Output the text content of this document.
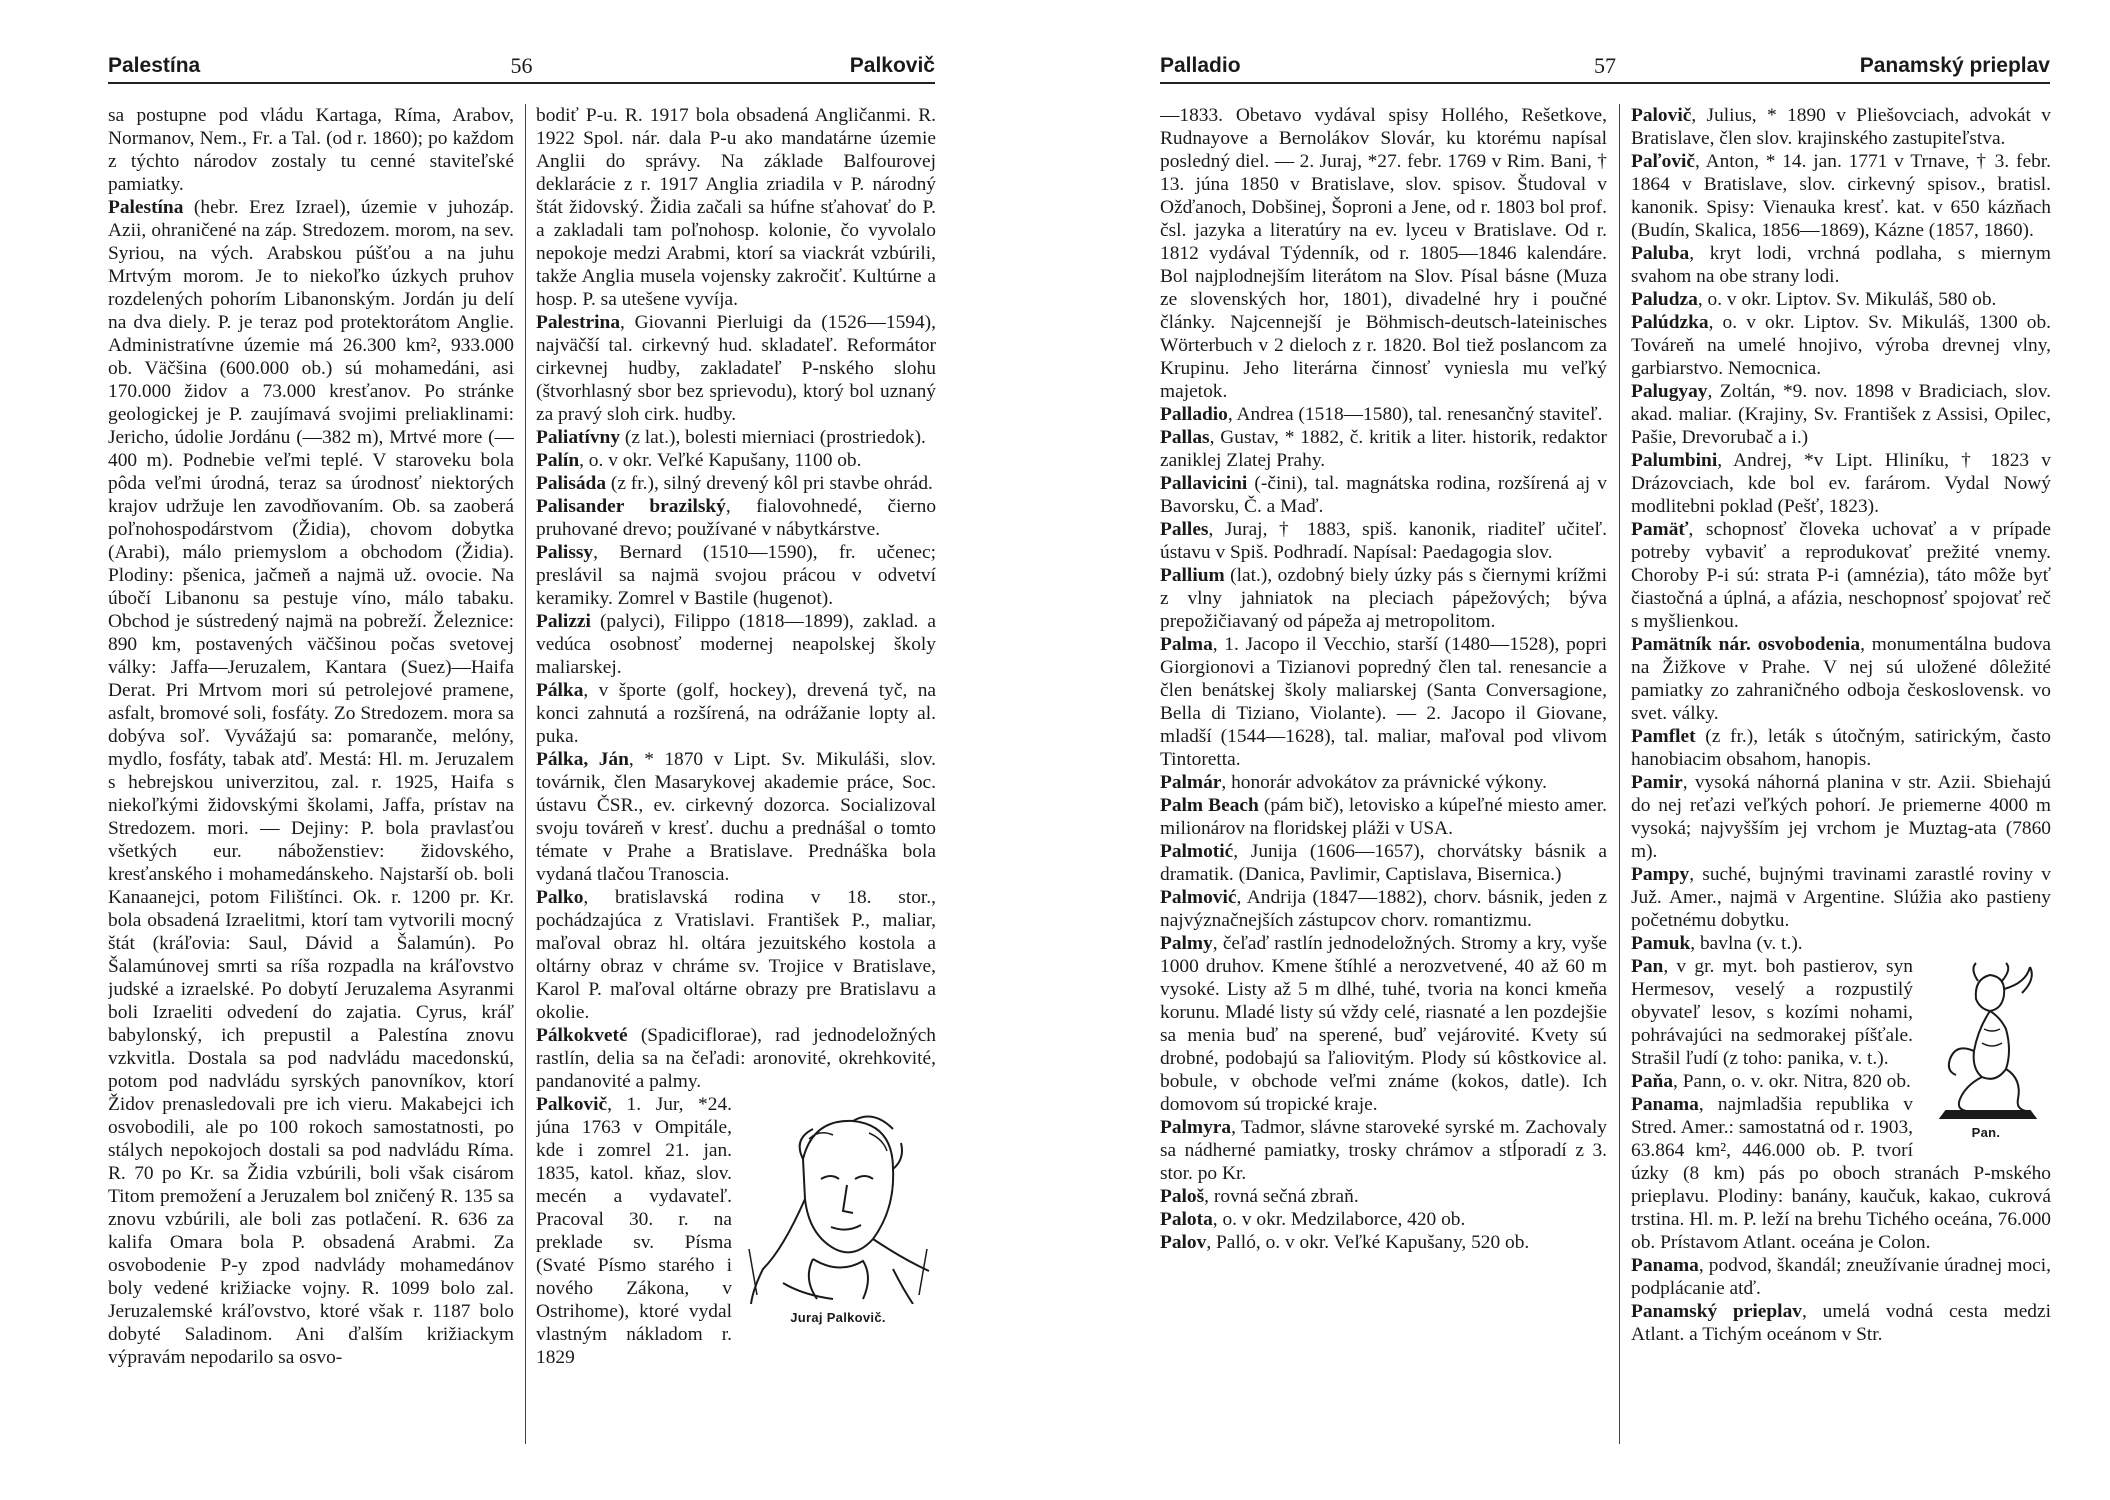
Palestína	56	Palkovič

sa postupne pod vládu Kartaga, Ríma, Arabov, Normanov, Nem., Fr. a Tal. (od r. 1860); po každom z týchto národov zostaly tu cenné staviteľské pamiatky.

Palestína (hebr. Erez Izrael), územie v juhozáp. Azii, ohraničené na záp. Stredozem. morom, na sev. Syriou, na vých. Arabskou púšťou a na juhu Mrtvým morom. Je to niekoľko úzkych pruhov rozdelených pohorím Libanonským. Jordán ju delí na dva diely. P. je teraz pod protektorátom Anglie. Administratívne územie má 26.300 km², 933.000 ob. Väčšina (600.000 ob.) sú mohamedáni, asi 170.000 židov a 73.000 kresťanov. Po stránke geologickej je P. zaujímavá svojimi preliaklinami: Jericho, údolie Jordánu (—382 m), Mrtvé more (—400 m). Podnebie veľmi teplé. V staroveku bola pôda veľmi úrodná, teraz sa úrodnosť niektorých krajov udržuje len zavodňovaním. Ob. sa zaoberá poľnohospodárstvom (Židia), chovom dobytka (Arabi), málo priemyslom a obchodom (Židia). Plodiny: pšenica, jačmeň a najmä už. ovocie. Na úbočí Libanonu sa pestuje víno, málo tabaku. Obchod je sústredený najmä na pobreží. Železnice: 890 km, postavených väčšinou počas svetovej války: Jaffa—Jeruzalem, Kantara (Suez)—Haifa Derat. Pri Mrtvom mori sú petrolejové pramene, asfalt, bromové soli, fosfáty. Zo Stredozem. mora sa dobýva soľ. Vyvážajú sa: pomaranče, melóny, mydlo, fosfáty, tabak atď. Mestá: Hl. m. Jeruzalem s hebrejskou univerzitou, zal. r. 1925, Haifa s niekoľkými židovskými školami, Jaffa, prístav na Stredozem. mori. — Dejiny: P. bola pravlasťou všetkých eur. náboženstiev: židovského, kresťanského i mohamedánskeho. Najstarší ob. boli Kanaanejci, potom Filištínci. Ok. r. 1200 pr. Kr. bola obsadená Izraelitmi, ktorí tam vytvorili mocný štát (kráľovia: Saul, Dávid a Šalamún). Po Šalamúnovej smrti sa ríša rozpadla na kráľovstvo judské a izraelské. Po dobytí Jeruzalema Asyranmi boli Izraeliti odvedení do zajatia. Cyrus, kráľ babylonský, ich prepustil a Palestína znovu vzkvitla. Dostala sa pod nadvládu macedonskú, potom pod nadvládu syrských panovníkov, ktorí Židov prenasledovali pre ich vieru. Makabejci ich osvobodili, ale po 100 rokoch samostatnosti, po stálych nepokojoch dostali sa pod nadvládu Ríma. R. 70 po Kr. sa Židia vzbúrili, boli však cisárom Titom premožení a Jeruzalem bol zničený R. 135 sa znovu vzbúrili, ale boli zas potlačení. R. 636 za kalifa Omara bola P. obsadená Arabmi. Za osvobodenie P-y zpod nadvlády mohamedánov boly vedené križiacke vojny. R. 1099 bolo zal. Jeruzalemské kráľovstvo, ktoré však r. 1187 bolo dobyté Saladinom. Ani ďalším križiackym výpravám nepodarilo sa osvo-

bodiť P-u. R. 1917 bola obsadená Angličanmi. R. 1922 Spol. nár. dala P-u ako mandatárne územie Anglii do správy. Na základe Balfourovej deklarácie z r. 1917 Anglia zriadila v P. národný štát židovský. Židia začali sa húfne sťahovať do P. a zakladali tam poľnohosp. kolonie, čo vyvolalo nepokoje medzi Arabmi, ktorí sa viackrát vzbúrili, takže Anglia musela vojensky zakročiť. Kultúrne a hosp. P. sa utešene vyvíja.

Palestrina, Giovanni Pierluigi da (1526—1594), najväčší tal. cirkevný hud. skladateľ. Reformátor cirkevnej hudby, zakladateľ P-nského slohu (štvorhlasný sbor bez sprievodu), ktorý bol uznaný za pravý sloh cirk. hudby.

Paliatívny (z lat.), bolesti mierniaci (prostriedok).

Palín, o. v okr. Veľké Kapušany, 1100 ob.

Palisáda (z fr.), silný drevený kôl pri stavbe ohrád.

Palisander brazilský, fialovohnedé, čierno pruhované drevo; používané v nábytkárstve.

Palissy, Bernard (1510—1590), fr. učenec; preslávil sa najmä svojou prácou v odvetví keramiky. Zomrel v Bastile (hugenot).

Palizzi (palyci), Filippo (1818—1899), zaklad. a vedúca osobnosť modernej neapolskej školy maliarskej.

Pálka, v športe (golf, hockey), drevená tyč, na konci zahnutá a rozšírená, na odrážanie lopty al. puka.

Pálka, Ján, * 1870 v Lipt. Sv. Mikuláši, slov. továrnik, člen Masarykovej akademie práce, Soc. ústavu ČSR., ev. cirkevný dozorca. Socializoval svoju továreň v kresť. duchu a prednášal o tomto témate v Prahe a Bratislave. Prednáška bola vydaná tlačou Tranoscia.

Palko, bratislavská rodina v 18. stor., pochádzajúca z Vratislavi. František P., maliar, maľoval obraz hl. oltára jezuitského kostola a oltárny obraz v chráme sv. Trojice v Bratislave, Karol P. maľoval oltárne obrazy pre Bratislavu a okolie.

Pálkokveté (Spadiciflorae), rad jednodeložných rastlín, delia sa na čeľadi: aronovité, okrehkovité, pandanovité a palmy.

Juraj Palkovič.
Palkovič, 1. Jur, *24. júna 1763 v Ompitále, kde i zomrel 21. jan. 1835, katol. kňaz, slov. mecén a vydavateľ. Pracoval 30. r. na preklade sv. Písma (Svaté Písmo starého i nového Zákona, v Ostrihome), ktoré vydal vlastným nákladom r. 1829

Palladio	57	Panamský prieplav

—1833. Obetavo vydával spisy Hollého, Rešetkove, Rudnayove a Bernolákov Slovár, ku ktorému napísal posledný diel. — 2. Juraj, *27. febr. 1769 v Rim. Bani, † 13. júna 1850 v Bratislave, slov. spisov. Študoval v Ožďanoch, Dobšinej, Šoproni a Jene, od r. 1803 bol prof. čsl. jazyka a literatúry na ev. lyceu v Bratislave. Od r. 1812 vydával Týdenník, od r. 1805—1846 kalendáre. Bol najplodnejším literátom na Slov. Písal básne (Muza ze slovenských hor, 1801), divadelné hry i poučné články. Najcennejší je Böhmisch-deutsch-lateinisches Wörterbuch v 2 dieloch z r. 1820. Bol tiež poslancom za Krupinu. Jeho literárna činnosť vyniesla mu veľký majetok.

Palladio, Andrea (1518—1580), tal. renesančný staviteľ.

Pallas, Gustav, * 1882, č. kritik a liter. historik, redaktor zaniklej Zlatej Prahy.

Pallavicini (-čini), tal. magnátska rodina, rozšírená aj v Bavorsku, Č. a Maď.

Palles, Juraj, † 1883, spiš. kanonik, riaditeľ učiteľ. ústavu v Spiš. Podhradí. Napísal: Paedagogia slov.

Pallium (lat.), ozdobný biely úzky pás s čiernymi krížmi z vlny jahniatok na pleciach pápežových; býva prepožičiavaný od pápeža aj metropolitom.

Palma, 1. Jacopo il Vecchio, starší (1480—1528), popri Giorgionovi a Tizianovi popredný člen tal. renesancie a člen benátskej školy maliarskej (Santa Conversagione, Bella di Tiziano, Violante). — 2. Jacopo il Giovane, mladší (1544—1628), tal. maliar, maľoval pod vlivom Tintoretta.

Palmár, honorár advokátov za právnické výkony.

Palm Beach (pám bič), letovisko a kúpeľné miesto amer. milionárov na floridskej pláži v USA.

Palmotić, Junija (1606—1657), chorvátsky básnik a dramatik. (Danica, Pavlimir, Captislava, Bisernica.)

Palmović, Andrija (1847—1882), chorv. básnik, jeden z najvýznačnejších zástupcov chorv. romantizmu.

Palmy, čeľaď rastlín jednodeložných. Stromy a kry, vyše 1000 druhov. Kmene štíhlé a nerozvetvené, 40 až 60 m vysoké. Listy až 5 m dlhé, tuhé, tvoria na konci kmeňa korunu. Mladé listy sú vždy celé, riasnaté a len pozdejšie sa menia buď na sperené, buď vejárovité. Kvety sú drobné, podobajú sa ľaliovitým. Plody sú kôstkovice al. bobule, v obchode veľmi známe (kokos, datle). Ich domovom sú tropické kraje.

Palmyra, Tadmor, slávne staroveké syrské m. Zachovaly sa nádherné pamiatky, trosky chrámov a stĺporadí z 3. stor. po Kr.

Paloš, rovná sečná zbraň.

Palota, o. v okr. Medzilaborce, 420 ob.

Palov, Palló, o. v okr. Veľké Kapušany, 520 ob.

Palovič, Julius, * 1890 v Pliešovciach, advokát v Bratislave, člen slov. krajinského zastupiteľstva.

Paľovič, Anton, * 14. jan. 1771 v Trnave, † 3. febr. 1864 v Bratislave, slov. cirkevný spisov., bratisl. kanonik. Spisy: Vienauka kresť. kat. v 650 kázňach (Budín, Skalica, 1856—1869), Kázne (1857, 1860).

Paluba, kryt lodi, vrchná podlaha, s miernym svahom na obe strany lodi.

Paludza, o. v okr. Liptov. Sv. Mikuláš, 580 ob.

Palúdzka, o. v okr. Liptov. Sv. Mikuláš, 1300 ob. Továreň na umelé hnojivo, výroba drevnej vlny, garbiarstvo. Nemocnica.

Palugyay, Zoltán, *9. nov. 1898 v Bradiciach, slov. akad. maliar. (Krajiny, Sv. František z Assisi, Opilec, Pašie, Drevorubač a i.)

Palumbini, Andrej, *v Lipt. Hliníku, † 1823 v Drázovciach, kde bol ev. farárom. Vydal Nowý modlitebni poklad (Pešť, 1823).

Pamäť, schopnosť človeka uchovať a v prípade potreby vybaviť a reprodukovať prežité vnemy. Choroby P-i sú: strata P-i (amnézia), táto môže byť čiastočná a úplná, a afázia, neschopnosť spojovať reč s myšlienkou.

Pamätník nár. osvobodenia, monumentálna budova na Žižkove v Prahe. V nej sú uložené dôležité pamiatky zo zahraničného odboja československ. vo svet. války.

Pamflet (z fr.), leták s útočným, satirickým, často hanobiacim obsahom, hanopis.

Pamir, vysoká náhorná planina v str. Azii. Sbiehajú do nej reťazi veľkých pohorí. Je priemerne 4000 m vysoká; najvyšším jej vrchom je Muztag-ata (7860 m).

Pampy, suché, bujnými travinami zarastlé roviny v Juž. Amer., najmä v Argentine. Slúžia ako pastieny početnému dobytku.

Pamuk, bavlna (v. t.).

Pan.
Pan, v gr. myt. boh pastierov, syn Hermesov, veselý a rozpustilý obyvateľ lesov, s kozími nohami, pohrávajúci na sedmorakej píšťale. Strašil ľudí (z toho: panika, v. t.).

Paňa, Pann, o. v. okr. Nitra, 820 ob.

Panama, najmladšia republika v Stred. Amer.: samostatná od r. 1903, 63.864 km², 446.000 ob. P. tvorí úzky (8 km) pás po oboch stranách P-mského prieplavu. Plodiny: banány, kaučuk, kakao, cukrová trstina. Hl. m. P. leží na brehu Tichého oceána, 76.000 ob. Prístavom Atlant. oceána je Colon.

Panama, podvod, škandál; zneužívanie úradnej moci, podplácanie atď.

Panamský prieplav, umelá vodná cesta medzi Atlant. a Tichým oceánom v Str.
